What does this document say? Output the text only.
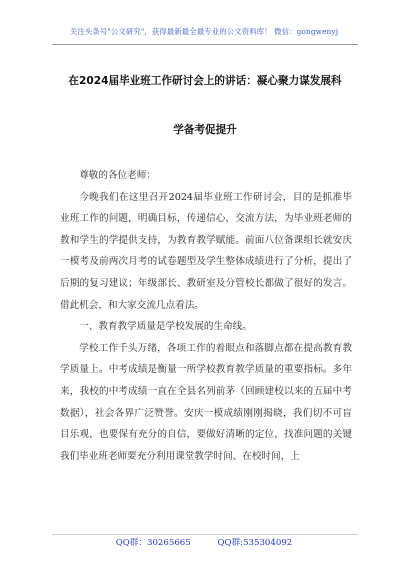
关注头条号"公文研究"，获得最新最全最专业的公文资料库！ 微信：gongwenyj
在2024届毕业班工作研讨会上的讲话：凝心聚力谋发展科
学备考促提升

尊敬的各位老师：

今晚我们在这里召开2024届毕业班工作研讨会，目的是抓准毕业班工作的问题，明确目标，传递信心，交流方法，为毕业班老师的教和学生的学提供支持，为教育教学赋能。前面八位备课组长就安庆一模考及前两次月考的试卷题型及学生整体成绩进行了分析，提出了后期的复习建议；年级部长、教研室及分管校长都做了很好的发言。借此机会，和大家交流几点看法。

一、教育教学质量是学校发展的生命线。

学校工作千头万绪，各项工作的着眼点和落脚点都在提高教育教学质量上。中考成绩是衡量一所学校教育教学质量的重要指标。多年来，我校的中考成绩一直在全县名列前茅（回顾建校以来的五届中考数据），社会各界广泛赞誉。安庆一模成绩刚刚揭晓，我们切不可盲目乐观，也要保有充分的自信，要做好清晰的定位，找准问题的关键我们毕业班老师要充分利用课堂教学时间、在校时间，上

QQ群：30265665	QQ群:535304092
